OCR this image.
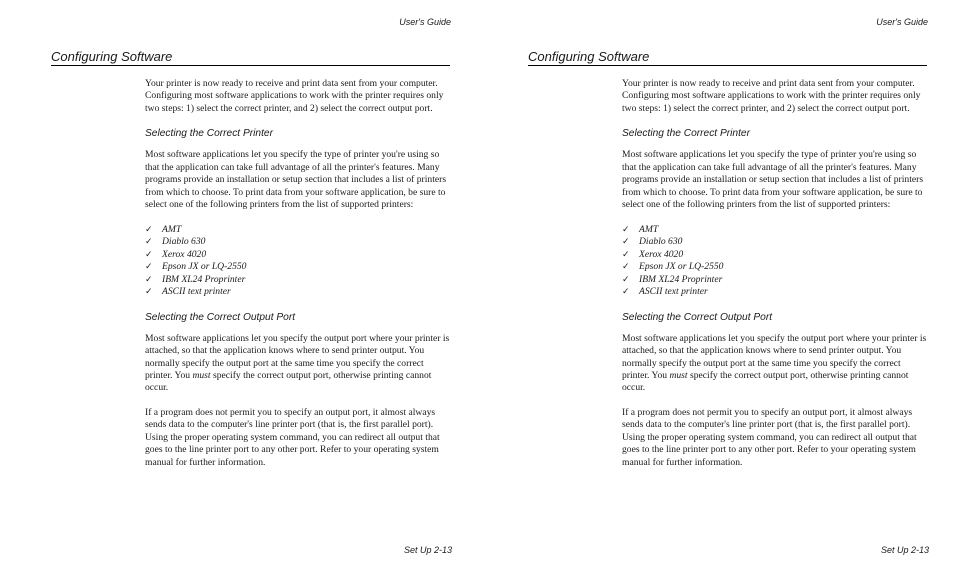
User's Guide
Configuring Software

Your printer is now ready to receive and print data sent from your computer. Configuring most software applications to work with the printer requires only two steps: 1) select the correct printer, and 2) select the correct output port.

Selecting the Correct Printer

Most software applications let you specify the type of printer you're using so that the application can take full advantage of all the printer's features. Many programs provide an installation or setup section that includes a list of printers from which to choose. To print data from your software application, be sure to select one of the following printers from the list of supported printers:

✓ AMT
✓ Diablo 630
✓ Xerox 4020
✓ Epson JX or LQ-2550
✓ IBM XL24 Proprinter
✓ ASCII text printer
Selecting the Correct Output Port

Most software applications let you specify the output port where your printer is attached, so that the application knows where to send printer output. You normally specify the output port at the same time you specify the correct printer. You must specify the correct output port, otherwise printing cannot occur.

If a program does not permit you to specify an output port, it almost always sends data to the computer's line printer port (that is, the first parallel port). Using the proper operating system command, you can redirect all output that goes to the line printer port to any other port. Refer to your operating system manual for further information.

Set Up 2-13
User's Guide
Configuring Software

Your printer is now ready to receive and print data sent from your computer. Configuring most software applications to work with the printer requires only two steps: 1) select the correct printer, and 2) select the correct output port.

Selecting the Correct Printer

Most software applications let you specify the type of printer you're using so that the application can take full advantage of all the printer's features. Many programs provide an installation or setup section that includes a list of printers from which to choose. To print data from your software application, be sure to select one of the following printers from the list of supported printers:

✓ AMT
✓ Diablo 630
✓ Xerox 4020
✓ Epson JX or LQ-2550
✓ IBM XL24 Proprinter
✓ ASCII text printer
Selecting the Correct Output Port

Most software applications let you specify the output port where your printer is attached, so that the application knows where to send printer output. You normally specify the output port at the same time you specify the correct printer. You must specify the correct output port, otherwise printing cannot occur.

If a program does not permit you to specify an output port, it almost always sends data to the computer's line printer port (that is, the first parallel port). Using the proper operating system command, you can redirect all output that goes to the line printer port to any other port. Refer to your operating system manual for further information.

Set Up 2-13
